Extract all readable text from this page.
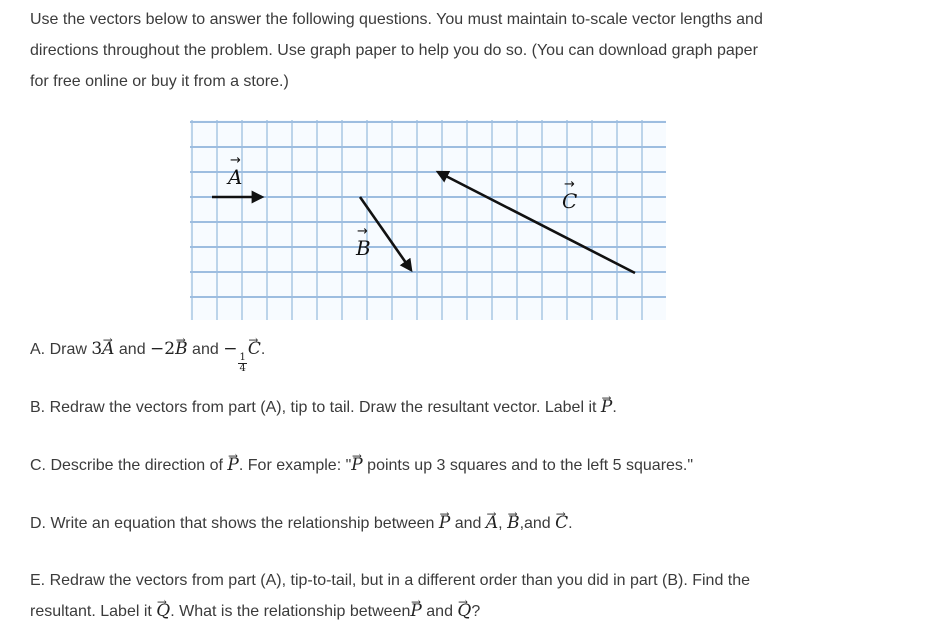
Use the vectors below to answer the following questions. You must maintain to-scale vector lengths and
directions throughout the problem. Use graph paper to help you do so. (You can download graph paper
for free online or buy it from a store.)

A
→
B
→
C
→

A. Draw 3→ A and −2→ B and −
$\frac{1}{4}$
→ C.

B. Redraw the vectors from part (A), tip to tail. Draw the resultant vector. Label it → P.

C. Describe the direction of → P. For example: "→ P points up 3 squares and to the left 5 squares."

D. Write an equation that shows the relationship between → P and → A, → B,and → C.

E. Redraw the vectors from part (A), tip-to-tail, but in a different order than you did in part (B). Find the
resultant. Label it → Q. What is the relationship between→ P and → Q?
